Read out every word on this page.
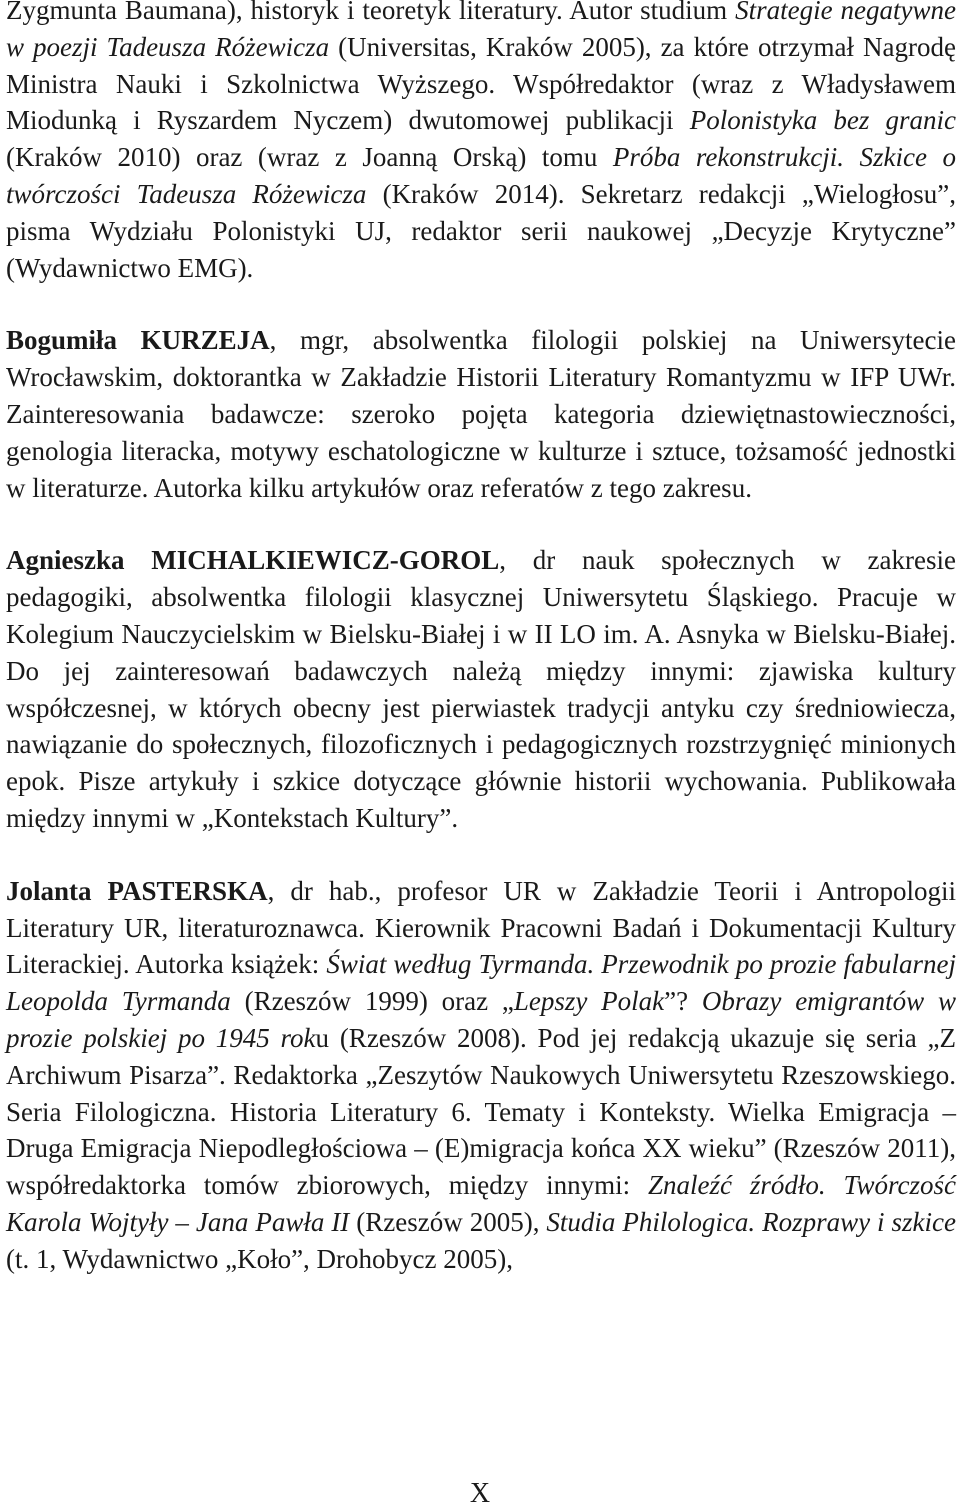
Zygmunta Baumana), historyk i teoretyk literatury. Autor studium Strategie negatywne w poezji Tadeusza Różewicza (Universitas, Kraków 2005), za które otrzymał Nagrodę Ministra Nauki i Szkolnictwa Wyższego. Współredaktor (wraz z Władysławem Miodunką i Ryszardem Nyczem) dwutomowej publikacji Polonistyka bez granic (Kraków 2010) oraz (wraz z Joanną Orską) tomu Próba rekonstrukcji. Szkice o twórczości Tadeusza Różewicza (Kraków 2014). Sekretarz redakcji „Wielogłosu”, pisma Wydziału Polonistyki UJ, redaktor serii naukowej „Decyzje Krytyczne” (Wydawnictwo EMG).

Bogumiła KURZEJA, mgr, absolwentka filologii polskiej na Uniwersytecie Wrocławskim, doktorantka w Zakładzie Historii Literatury Romantyzmu w IFP UWr. Zainteresowania badawcze: szeroko pojęta kategoria dziewiętnastowieczności, genologia literacka, motywy eschatologiczne w kulturze i sztuce, tożsamość jednostki w literaturze. Autorka kilku artykułów oraz referatów z tego zakresu.

Agnieszka MICHALKIEWICZ-GOROL, dr nauk społecznych w zakresie pedagogiki, absolwentka filologii klasycznej Uniwersytetu Śląskiego. Pracuje w Kolegium Nauczycielskim w Bielsku-Białej i w II LO im. A. Asnyka w Bielsku-Białej. Do jej zainteresowań badawczych należą między innymi: zjawiska kultury współczesnej, w których obecny jest pierwiastek tradycji antyku czy średniowiecza, nawiązanie do społecznych, filozoficznych i pedagogicznych rozstrzygnięć minionych epok. Pisze artykuły i szkice dotyczące głównie historii wychowania. Publikowała między innymi w „Kontekstach Kultury”.

Jolanta PASTERSKA, dr hab., profesor UR w Zakładzie Teorii i Antropologii Literatury UR, literaturoznawca. Kierownik Pracowni Badań i Dokumentacji Kultury Literackiej. Autorka książek: Świat według Tyrmanda. Przewodnik po prozie fabularnej Leopolda Tyrmanda (Rzeszów 1999) oraz „Lepszy Polak”? Obrazy emigrantów w prozie polskiej po 1945 roku (Rzeszów 2008). Pod jej redakcją ukazuje się seria „Z Archiwum Pisarza”. Redaktorka „Zeszytów Naukowych Uniwersytetu Rzeszowskiego. Seria Filologiczna. Historia Literatury 6. Tematy i Konteksty. Wielka Emigracja – Druga Emigracja Niepodległościowa – (E)migracja końca XX wieku” (Rzeszów 2011), współredaktorka tomów zbiorowych, między innymi: Znaleźć źródło. Twórczość Karola Wojtyły – Jana Pawła II (Rzeszów 2005), Studia Philologica. Rozprawy i szkice (t. 1, Wydawnictwo „Koło”, Drohobycz 2005),

X
